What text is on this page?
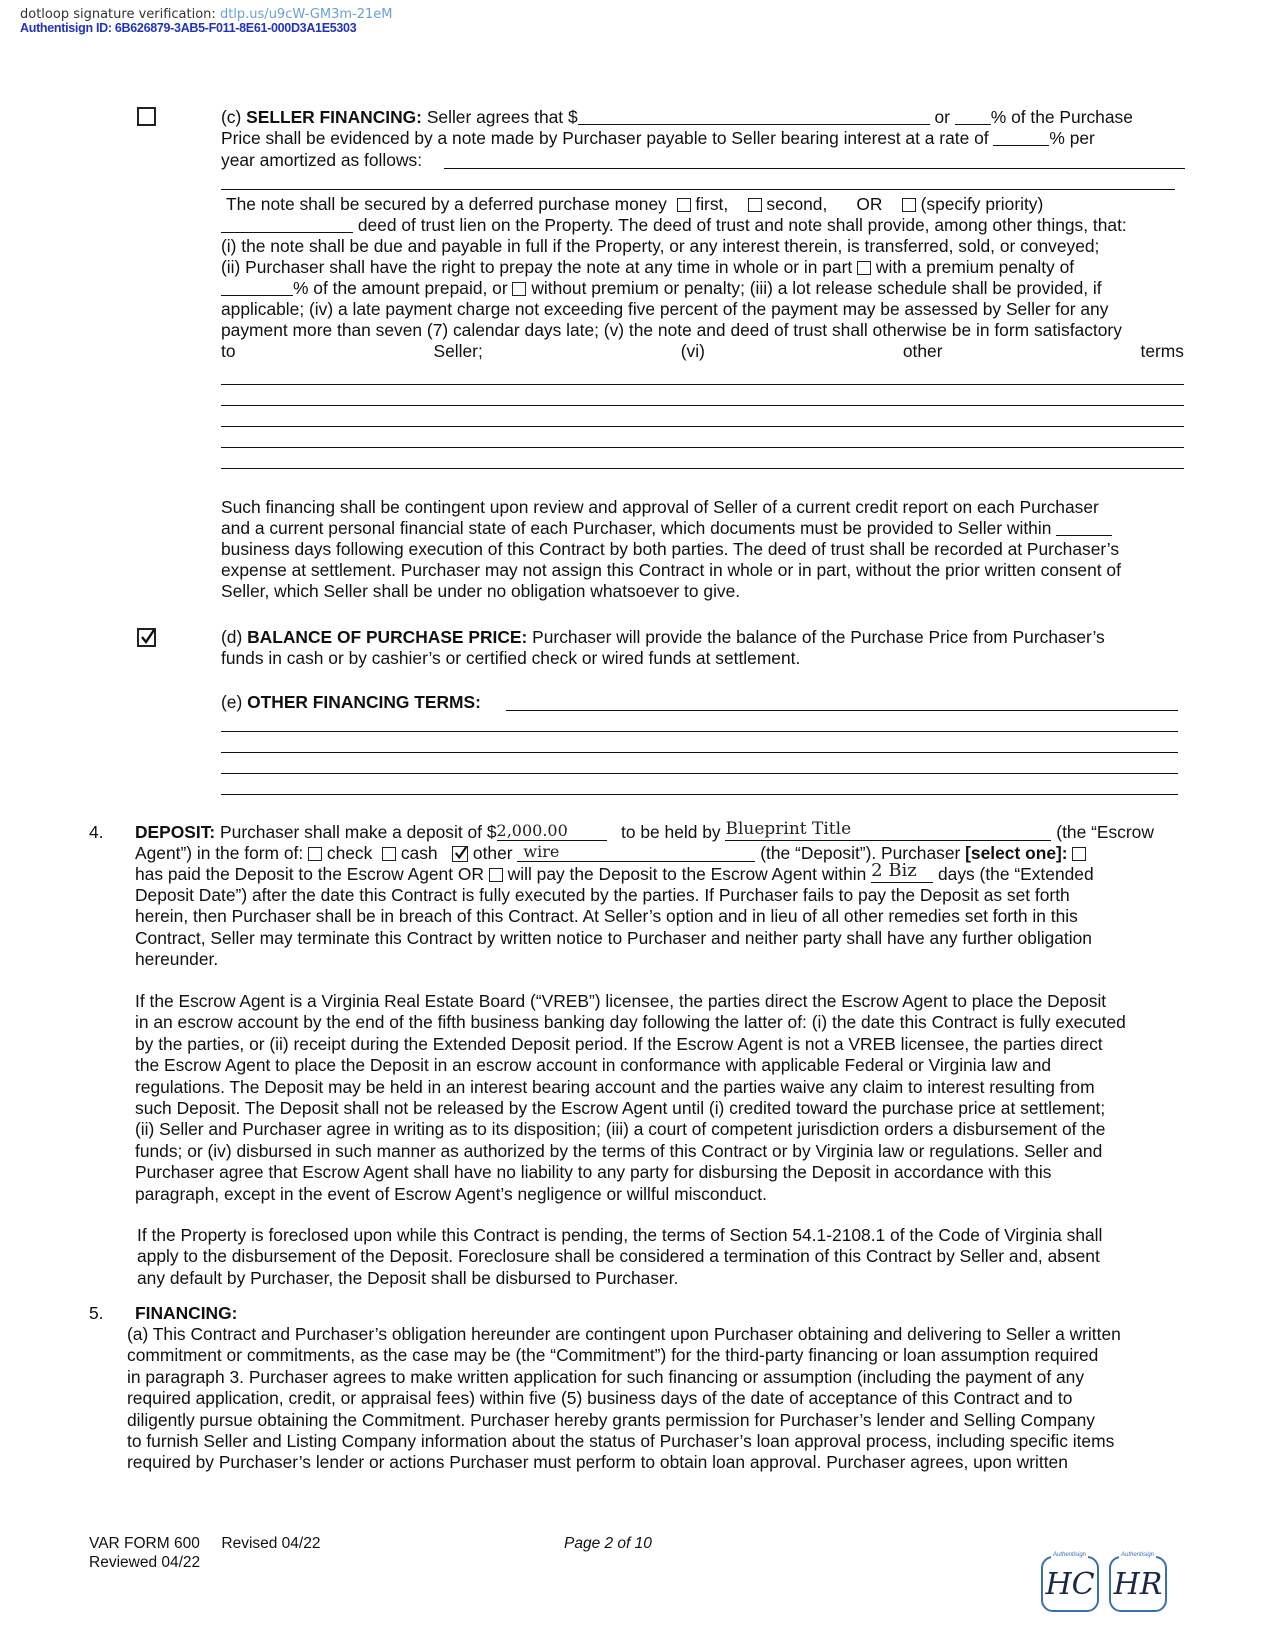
dotloop signature verification: dtlp.us/u9cW-GM3m-21eM
Authentisign ID: 6B626879-3AB5-F011-8E61-000D3A1E5303
(c) SELLER FINANCING: Seller agrees that $	or % of the Purchase
Price shall be evidenced by a note made by Purchaser payable to Seller bearing interest at a rate of	% per
year amortized as follows:
The note shall be secured by a deferred purchase money first, second, OR (specify priority)
deed of trust lien on the Property. The deed of trust and note shall provide, among other things, that:
(i) the note shall be due and payable in full if the Property, or any interest therein, is transferred, sold, or conveyed;
(ii) Purchaser shall have the right to prepay the note at any time in whole or in part with a premium penalty of
% of the amount prepaid, or without premium or penalty; (iii) a lot release schedule shall be provided, if
applicable; (iv) a late payment charge not exceeding five percent of the payment may be assessed by Seller for any
payment more than seven (7) calendar days late; (v) the note and deed of trust shall otherwise be in form satisfactory
to	Seller;	(vi)	other	terms
Such financing shall be contingent upon review and approval of Seller of a current credit report on each Purchaser
and a current personal financial state of each Purchaser, which documents must be provided to Seller within
business days following execution of this Contract by both parties. The deed of trust shall be recorded at Purchaser’s
expense at settlement. Purchaser may not assign this Contract in whole or in part, without the prior written consent of
Seller, which Seller shall be under no obligation whatsoever to give.
(d) BALANCE OF PURCHASE PRICE: Purchaser will provide the balance of the Purchase Price from Purchaser’s
funds in cash or by cashier’s or certified check or wired funds at settlement.
(e) OTHER FINANCING TERMS:
4. DEPOSIT: Purchaser shall make a deposit of $2,000.00	to be held by Blueprint Title	(the “Escrow
Agent”) in the form of: check cash other wire	(the “Deposit”). Purchaser [select one]:
has paid the Deposit to the Escrow Agent OR will pay the Deposit to the Escrow Agent within 2 Biz days (the “Extended
Deposit Date”) after the date this Contract is fully executed by the parties. If Purchaser fails to pay the Deposit as set forth
herein, then Purchaser shall be in breach of this Contract. At Seller’s option and in lieu of all other remedies set forth in this
Contract, Seller may terminate this Contract by written notice to Purchaser and neither party shall have any further obligation
hereunder.
If the Escrow Agent is a Virginia Real Estate Board (“VREB”) licensee, the parties direct the Escrow Agent to place the Deposit
in an escrow account by the end of the fifth business banking day following the latter of: (i) the date this Contract is fully executed
by the parties, or (ii) receipt during the Extended Deposit period. If the Escrow Agent is not a VREB licensee, the parties direct
the Escrow Agent to place the Deposit in an escrow account in conformance with applicable Federal or Virginia law and
regulations. The Deposit may be held in an interest bearing account and the parties waive any claim to interest resulting from
such Deposit. The Deposit shall not be released by the Escrow Agent until (i) credited toward the purchase price at settlement;
(ii) Seller and Purchaser agree in writing as to its disposition; (iii) a court of competent jurisdiction orders a disbursement of the
funds; or (iv) disbursed in such manner as authorized by the terms of this Contract or by Virginia law or regulations. Seller and
Purchaser agree that Escrow Agent shall have no liability to any party for disbursing the Deposit in accordance with this
paragraph, except in the event of Escrow Agent’s negligence or willful misconduct.
If the Property is foreclosed upon while this Contract is pending, the terms of Section 54.1-2108.1 of the Code of Virginia shall
apply to the disbursement of the Deposit. Foreclosure shall be considered a termination of this Contract by Seller and, absent
any default by Purchaser, the Deposit shall be disbursed to Purchaser.
5. FINANCING:
(a) This Contract and Purchaser’s obligation hereunder are contingent upon Purchaser obtaining and delivering to Seller a written
commitment or commitments, as the case may be (the “Commitment”) for the third-party financing or loan assumption required
in paragraph 3. Purchaser agrees to make written application for such financing or assumption (including the payment of any
required application, credit, or appraisal fees) within five (5) business days of the date of acceptance of this Contract and to
diligently pursue obtaining the Commitment. Purchaser hereby grants permission for Purchaser’s lender and Selling Company
to furnish Seller and Listing Company information about the status of Purchaser’s loan approval process, including specific items
required by Purchaser’s lender or actions Purchaser must perform to obtain loan approval. Purchaser agrees, upon written
VAR FORM 600 Revised 04/22
Reviewed 04/22
Page 2 of 10
Authentisign
HC
Authentisign
HR
